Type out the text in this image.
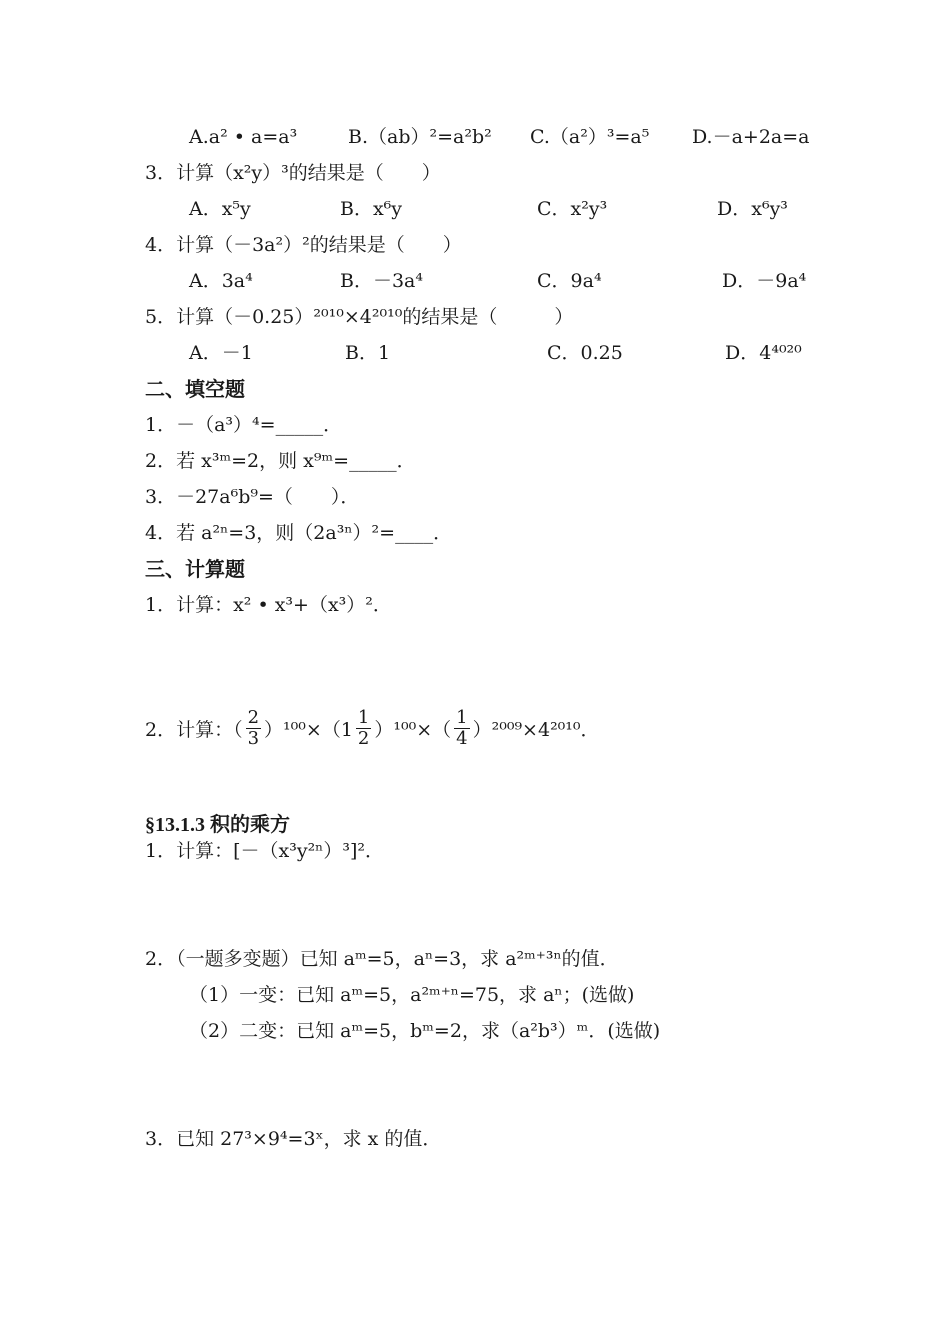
A.a² • a=a³	B.（ab）²=a²b² C.（a²）³=a⁵ D.－a+2a=a
3．计算（x²y）³的结果是（　　）
A．x⁵y	B．x⁶y	C．x²y³	D．x⁶y³
4．计算（－3a²）²的结果是（　　）
A．3a⁴	B．－3a⁴	C．9a⁴	D．－9a⁴
5．计算（－0.25）²⁰¹⁰×4²⁰¹⁰的结果是（　　　）
A．－1	B．1	C．0.25	D．4⁴⁰²⁰
二、填空题
1．－（a³）⁴=_____．
2．若 x³ᵐ=2，则 x⁹ᵐ=_____．
3．－27a⁶b⁹=（　　）．
4．若 a²ⁿ=3，则（2a³ⁿ）²=____．
三、计算题
1．计算：x² • x³+（x³）²．
2．计算：（ $\frac{2}{3} )^{100}\times(1 \frac{1}{2} )^{100}\times( \frac{1}{4} )^{2009}\times 4^{2010}$．
§13.1.3 积的乘方
1．计算：[－（x³y²ⁿ）³]²．
2．（一题多变题）已知 aᵐ=5，aⁿ=3，求 a²ᵐ⁺³ⁿ的值．
（1）一变：已知 aᵐ=5，a²ᵐ⁺ⁿ=75，求 aⁿ；(选做)
（2）二变：已知 aᵐ=5，bᵐ=2，求（a²b³）ᵐ．(选做)
3．已知 27³×9⁴=3ˣ，求 x 的值．
